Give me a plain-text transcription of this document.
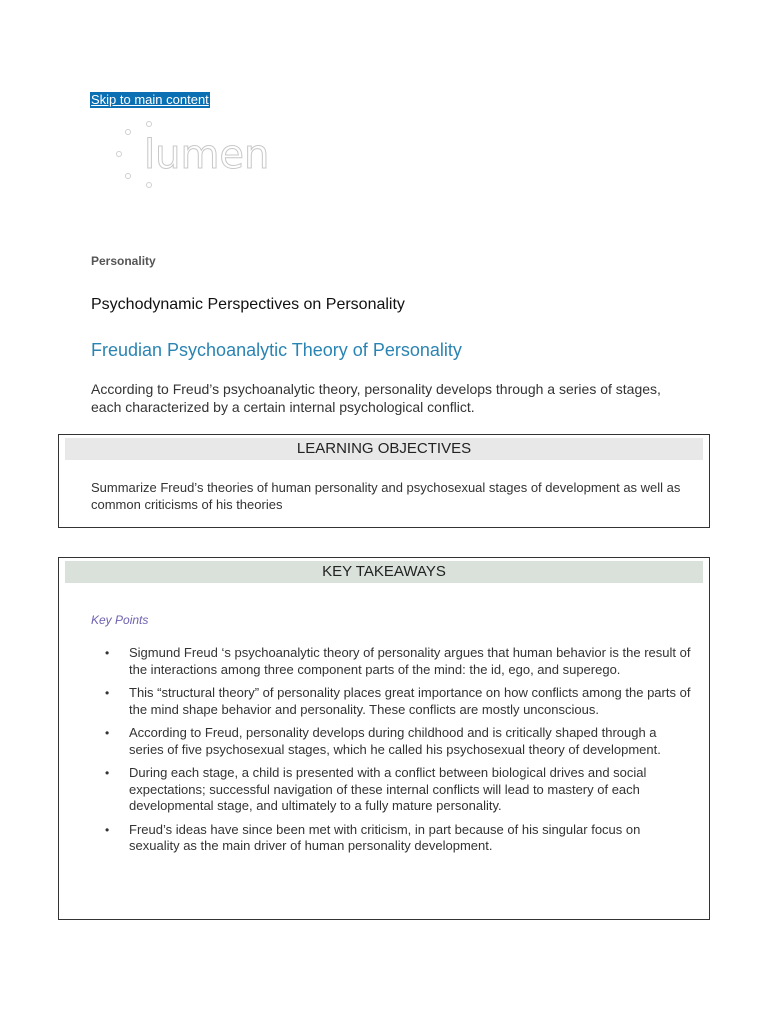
Skip to main content
lumen
Personality
Psychodynamic Perspectives on Personality
Freudian Psychoanalytic Theory of Personality

According to Freud’s psychoanalytic theory, personality develops through a series of stages, each characterized by a certain internal psychological conflict.

LEARNING OBJECTIVES

Summarize Freud’s theories of human personality and psychosexual stages of development as well as common criticisms of his theories

KEY TAKEAWAYS
Key Points
• Sigmund Freud ‘s psychoanalytic theory of personality argues that human behavior is the result of the interactions among three component parts of the mind: the id, ego, and superego.
• This “structural theory” of personality places great importance on how conflicts among the parts of the mind shape behavior and personality. These conflicts are mostly unconscious.
• According to Freud, personality develops during childhood and is critically shaped through a series of five psychosexual stages, which he called his psychosexual theory of development.
• During each stage, a child is presented with a conflict between biological drives and social expectations; successful navigation of these internal conflicts will lead to mastery of each developmental stage, and ultimately to a fully mature personality.
• Freud’s ideas have since been met with criticism, in part because of his singular focus on sexuality as the main driver of human personality development.
